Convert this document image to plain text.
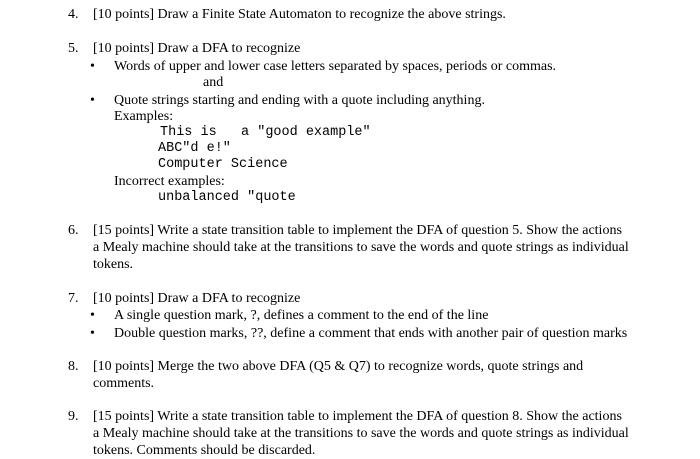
4.	[10 points] Draw a Finite State Automaton to recognize the above strings.
5.	[10 points] Draw a DFA to recognize
•	Words of upper and lower case letters separated by spaces, periods or commas.
and
•	Quote strings starting and ending with a quote including anything.
Examples:
This is   a "good example"
ABC"d e!"
Computer Science
Incorrect examples:
unbalanced "quote
6.	[15 points] Write a state transition table to implement the DFA of question 5. Show the actions
a Mealy machine should take at the transitions to save the words and quote strings as individual
tokens.
7.	[10 points] Draw a DFA to recognize
•	A single question mark, ?, defines a comment to the end of the line
•	Double question marks, ??, define a comment that ends with another pair of question marks
8.	[10 points] Merge the two above DFA (Q5 & Q7) to recognize words, quote strings and
comments.
9.	[15 points] Write a state transition table to implement the DFA of question 8. Show the actions
a Mealy machine should take at the transitions to save the words and quote strings as individual
tokens. Comments should be discarded.
